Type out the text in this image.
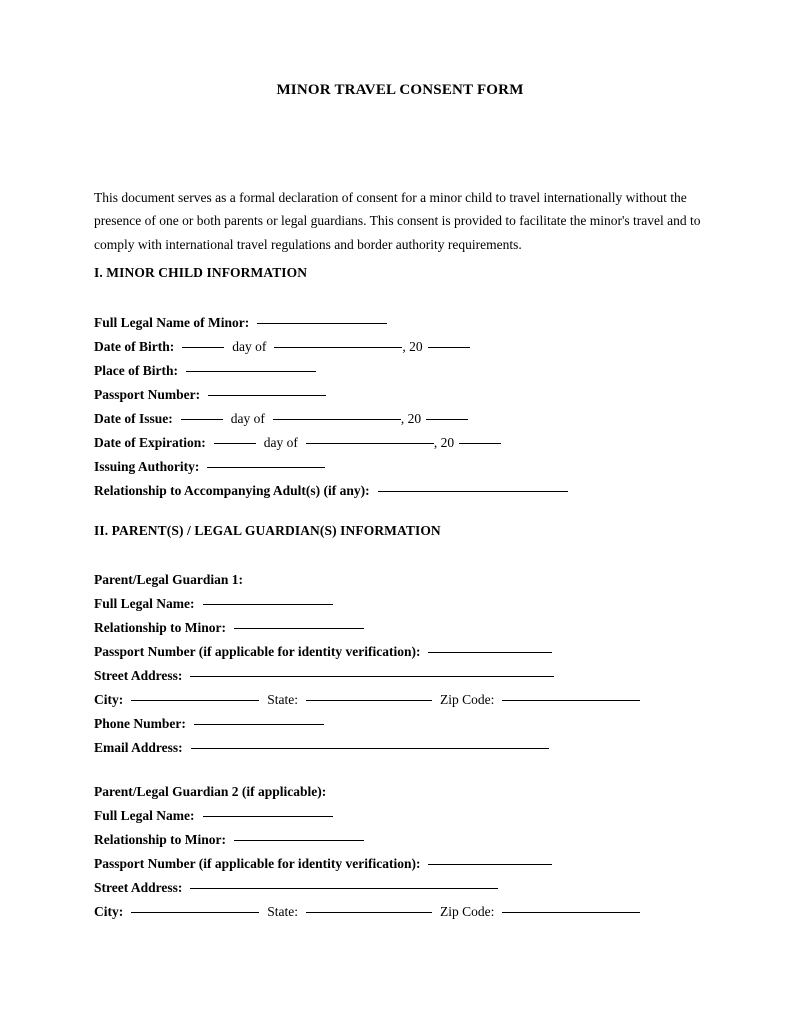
MINOR TRAVEL CONSENT FORM

This document serves as a formal declaration of consent for a minor child to travel internationally without the presence of one or both parents or legal guardians. This consent is provided to facilitate the minor's travel and to comply with international travel regulations and border authority requirements.

I. MINOR CHILD INFORMATION
Full Legal Name of Minor:
Date of Birth:	day of	, 20
Place of Birth:
Passport Number:
Date of Issue:	day of	, 20
Date of Expiration:	day of	, 20
Issuing Authority:
Relationship to Accompanying Adult(s) (if any):
II. PARENT(S) / LEGAL GUARDIAN(S) INFORMATION
Parent/Legal Guardian 1:
Full Legal Name:
Relationship to Minor:
Passport Number (if applicable for identity verification):
Street Address:
City:	State:	Zip Code:
Phone Number:
Email Address:
Parent/Legal Guardian 2 (if applicable):
Full Legal Name:
Relationship to Minor:
Passport Number (if applicable for identity verification):
Street Address:
City:	State:	Zip Code:
